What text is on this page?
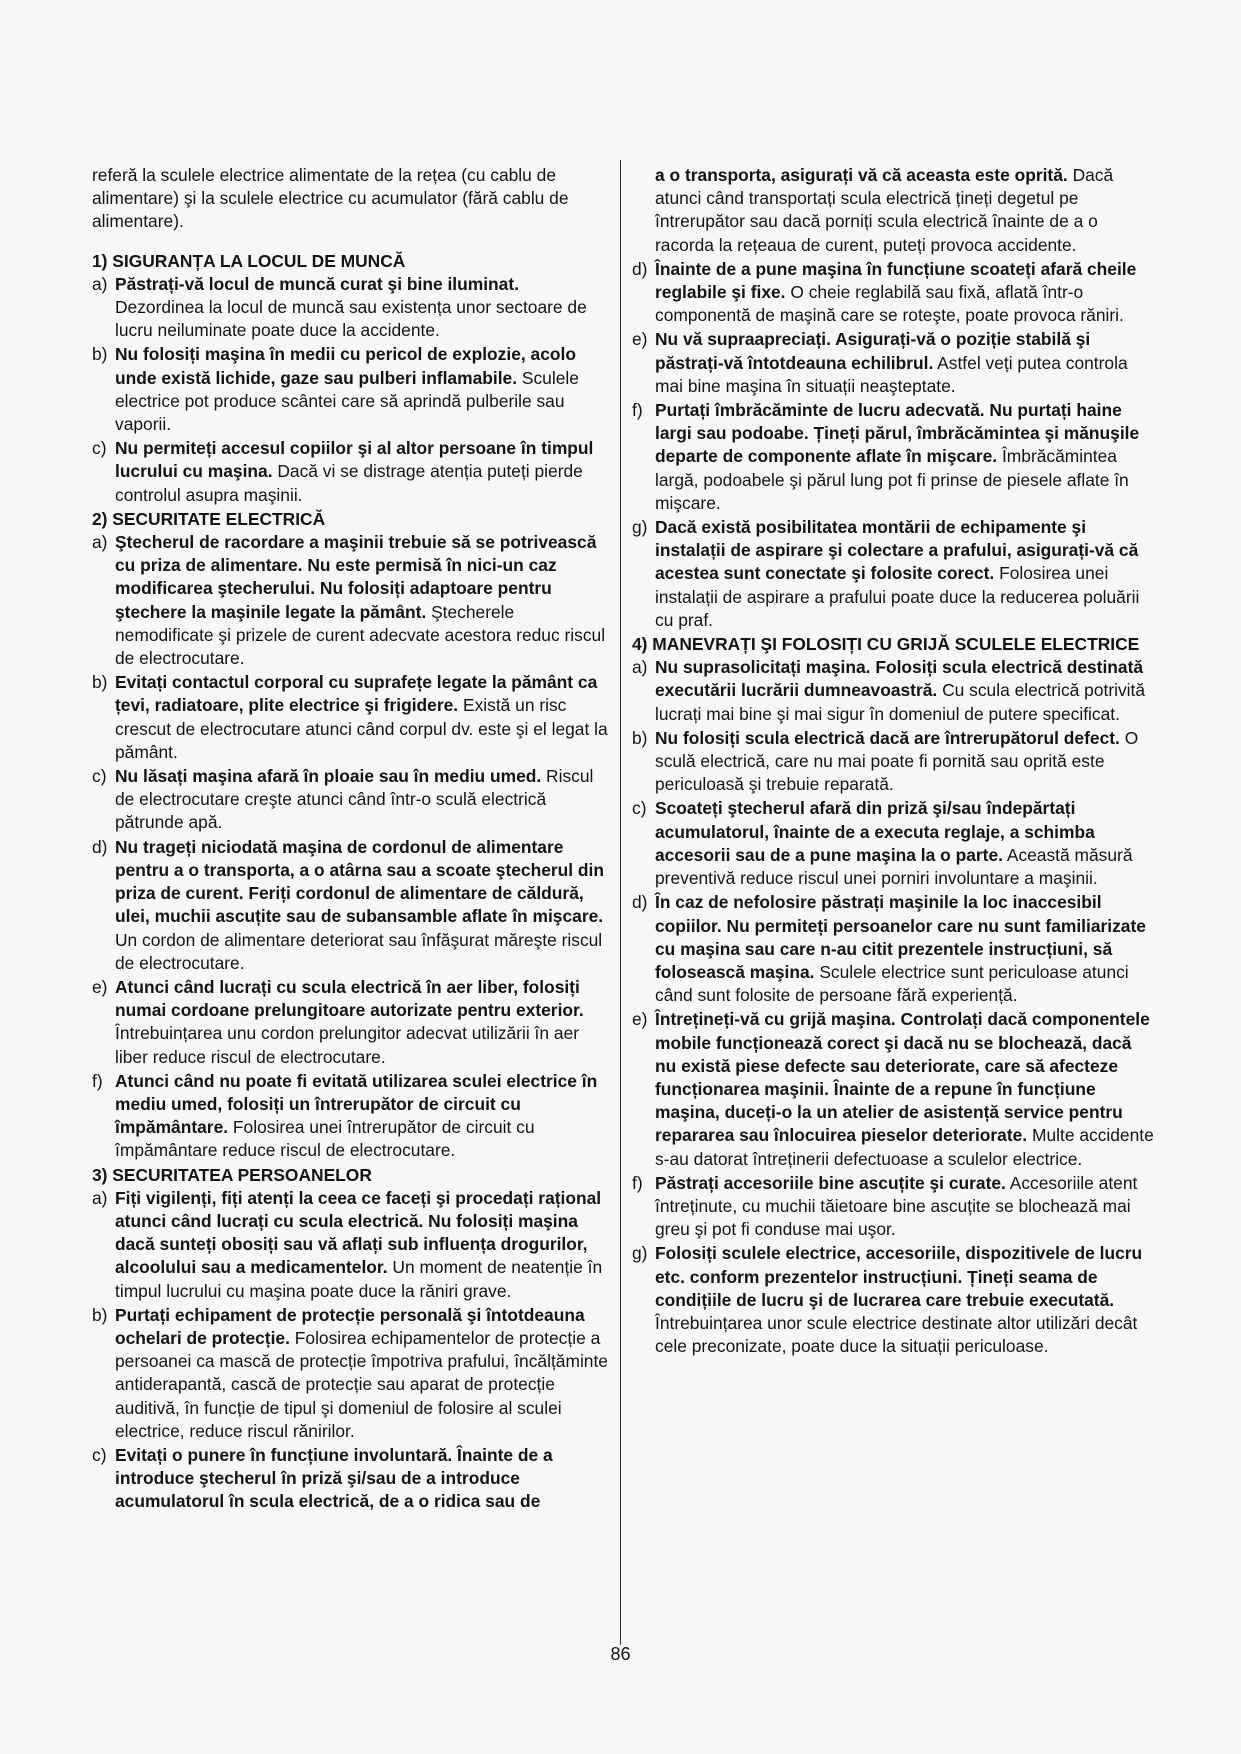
referă la sculele electrice alimentate de la rețea (cu cablu de alimentare) şi la sculele electrice cu acumulator (fără cablu de alimentare).

1) SIGURANȚA LA LOCUL DE MUNCĂ
a) Păstrați-vă locul de muncă curat şi bine iluminat. Dezordinea la locul de muncă sau existența unor sectoare de lucru neiluminate poate duce la accidente.
b) Nu folosiți maşina în medii cu pericol de explozie, acolo unde există lichide, gaze sau pulberi inflamabile. Sculele electrice pot produce scântei care să aprindă pulberile sau vaporii.
c) Nu permiteți accesul copiilor şi al altor persoane în timpul lucrului cu maşina. Dacă vi se distrage atenția puteți pierde controlul asupra maşinii.
2) SECURITATE ELECTRICĂ
a) Ştecherul de racordare a maşinii trebuie să se potrivească cu priza de alimentare. Nu este permisă în nici-un caz modificarea ştecherului. Nu folosiți adaptoare pentru ştechere la maşinile legate la pământ. Ştecherele nemodificate şi prizele de curent adecvate acestora reduc riscul de electrocutare.
b) Evitați contactul corporal cu suprafețe legate la pământ ca țevi, radiatoare, plite electrice şi frigidere. Există un risc crescut de electrocutare atunci când corpul dv. este şi el legat la pământ.
c) Nu lăsați maşina afară în ploaie sau în mediu umed. Riscul de electrocutare creşte atunci când într-o sculă electrică pătrunde apă.
d) Nu trageți niciodată maşina de cordonul de alimentare pentru a o transporta, a o atârna sau a scoate ştecherul din priza de curent. Feriți cordonul de alimentare de căldură, ulei, muchii ascuțite sau de subansamble aflate în mişcare. Un cordon de alimentare deteriorat sau înfăşurat măreşte riscul de electrocutare.
e) Atunci când lucrați cu scula electrică în aer liber, folosiți numai cordoane prelungitoare autorizate pentru exterior. Întrebuințarea unu cordon prelungitor adecvat utilizării în aer liber reduce riscul de electrocutare.
f) Atunci când nu poate fi evitată utilizarea sculei electrice în mediu umed, folosiți un întrerupător de circuit cu împământare. Folosirea unei întrerupător de circuit cu împământare reduce riscul de electrocutare.
3) SECURITATEA PERSOANELOR
a) Fiți vigilenți, fiți atenți la ceea ce faceți şi procedați rațional atunci când lucrați cu scula electrică. Nu folosiți maşina dacă sunteți obosiți sau vă aflați sub influența drogurilor, alcoolului sau a medicamentelor. Un moment de neatenție în timpul lucrului cu maşina poate duce la răniri grave.
b) Purtați echipament de protecție personală şi întotdeauna ochelari de protecție. Folosirea echipamentelor de protecție a persoanei ca mască de protecție împotriva prafului, încălțăminte antiderapantă, cască de protecție sau aparat de protecție auditivă, în funcție de tipul şi domeniul de folosire al sculei electrice, reduce riscul rănirilor.
c) Evitați o punere în funcțiune involuntară. Înainte de a introduce ştecherul în priză şi/sau de a introduce acumulatorul în scula electrică, de a o ridica sau de
a o transporta, asigurați vă că aceasta este oprită. Dacă atunci când transportați scula electrică țineți degetul pe întrerupător sau dacă porniți scula electrică înainte de a o racorda la rețeaua de curent, puteți provoca accidente.
d) Înainte de a pune maşina în funcțiune scoateți afară cheile reglabile şi fixe. O cheie reglabilă sau fixă, aflată într-o componentă de maşină care se roteşte, poate provoca răniri.
e) Nu vă supraapreciați. Asigurați-vă o poziție stabilă şi păstrați-vă întotdeauna echilibrul. Astfel veți putea controla mai bine maşina în situații neaşteptate.
f) Purtați îmbrăcăminte de lucru adecvată. Nu purtați haine largi sau podoabe. Țineți părul, îmbrăcămintea şi mănuşile departe de componente aflate în mişcare. Îmbrăcămintea largă, podoabele şi părul lung pot fi prinse de piesele aflate în mişcare.
g) Dacă există posibilitatea montării de echipamente şi instalații de aspirare şi colectare a prafului, asigurați-vă că acestea sunt conectate şi folosite corect. Folosirea unei instalații de aspirare a prafului poate duce la reducerea poluării cu praf.
4) MANEVRAȚI ŞI FOLOSIȚI CU GRIJĂ SCULELE ELECTRICE
a) Nu suprasolicitați maşina. Folosiți scula electrică destinată executării lucrării dumneavoastră. Cu scula electrică potrivită lucrați mai bine şi mai sigur în domeniul de putere specificat.
b) Nu folosiți scula electrică dacă are întrerupătorul defect. O sculă electrică, care nu mai poate fi pornită sau oprită este periculoasă şi trebuie reparată.
c) Scoateți ştecherul afară din priză şi/sau îndepărtați acumulatorul, înainte de a executa reglaje, a schimba accesorii sau de a pune maşina la o parte. Această măsură preventivă reduce riscul unei porniri involuntare a maşinii.
d) În caz de nefolosire păstrați maşinile la loc inaccesibil copiilor. Nu permiteți persoanelor care nu sunt familiarizate cu maşina sau care n-au citit prezentele instrucțiuni, să folosească maşina. Sculele electrice sunt periculoase atunci când sunt folosite de persoane fără experiență.
e) Întrețineți-vă cu grijă maşina. Controlați dacă componentele mobile funcționează corect şi dacă nu se blochează, dacă nu există piese defecte sau deteriorate, care să afecteze funcționarea maşinii. Înainte de a repune în funcțiune maşina, duceți-o la un atelier de asistență service pentru repararea sau înlocuirea pieselor deteriorate. Multe accidente s-au datorat întreținerii defectuoase a sculelor electrice.
f) Păstrați accesoriile bine ascuțite şi curate. Accesoriile atent întreținute, cu muchii tăietoare bine ascuțite se blochează mai greu şi pot fi conduse mai uşor.
g) Folosiți sculele electrice, accesoriile, dispozitivele de lucru etc. conform prezentelor instrucțiuni. Țineți seama de condițiile de lucru şi de lucrarea care trebuie executată. Întrebuințarea unor scule electrice destinate altor utilizări decât cele preconizate, poate duce la situații periculoase.
86
